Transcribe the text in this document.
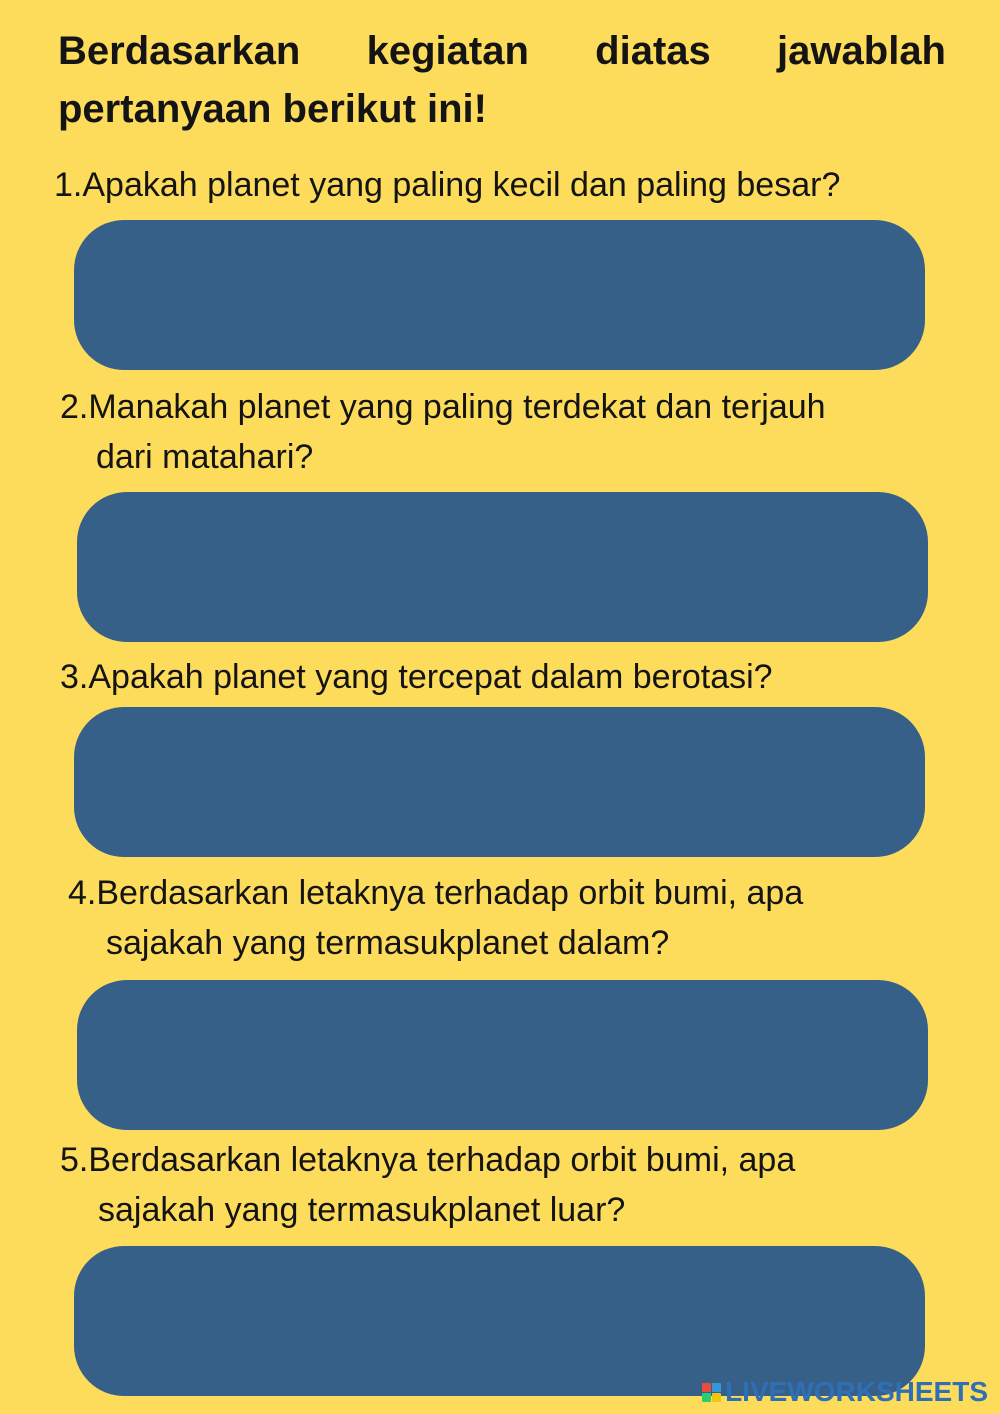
Berdasarkan kegiatan diatas jawablah pertanyaan berikut ini!

1.Apakah planet yang paling kecil dan paling besar?

2.Manakah planet yang paling terdekat dan terjauh
dari matahari?

3.Apakah planet yang tercepat dalam berotasi?

4.Berdasarkan letaknya terhadap orbit bumi, apa
sajakah yang termasukplanet dalam?

5.Berdasarkan letaknya terhadap orbit bumi, apa
sajakah yang termasukplanet luar?

LIVEWORKSHEETS
